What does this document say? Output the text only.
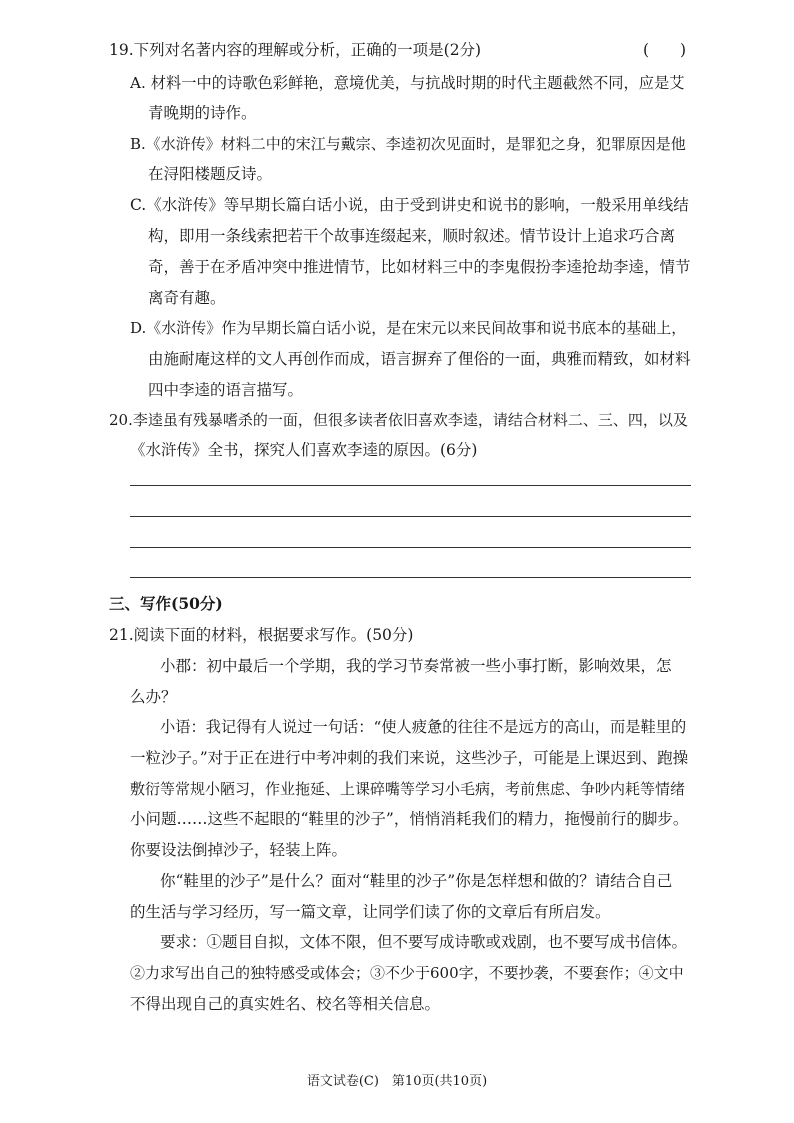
19.下列对名著内容的理解或分析，正确的一项是(2分)	(　　)
A. 材料一中的诗歌色彩鲜艳，意境优美，与抗战时期的时代主题截然不同，应是艾
青晚期的诗作。
B.《水浒传》材料二中的宋江与戴宗、李逵初次见面时，是罪犯之身，犯罪原因是他
在浔阳楼题反诗。
C.《水浒传》等早期长篇白话小说，由于受到讲史和说书的影响，一般采用单线结
构，即用一条线索把若干个故事连缀起来，顺时叙述。情节设计上追求巧合离
奇，善于在矛盾冲突中推进情节，比如材料三中的李鬼假扮李逵抢劫李逵，情节
离奇有趣。
D.《水浒传》作为早期长篇白话小说，是在宋元以来民间故事和说书底本的基础上，
由施耐庵这样的文人再创作而成，语言摒弃了俚俗的一面，典雅而精致，如材料
四中李逵的语言描写。
20.李逵虽有残暴嗜杀的一面，但很多读者依旧喜欢李逵，请结合材料二、三、四，以及
《水浒传》全书，探究人们喜欢李逵的原因。(6分)
三、写作(50分)
21.阅读下面的材料，根据要求写作。(50分)
小郡：初中最后一个学期，我的学习节奏常被一些小事打断，影响效果，怎
么办？
小语：我记得有人说过一句话：“使人疲惫的往往不是远方的高山，而是鞋里的
一粒沙子。”对于正在进行中考冲刺的我们来说，这些沙子，可能是上课迟到、跑操
敷衍等常规小陋习，作业拖延、上课碎嘴等学习小毛病，考前焦虑、争吵内耗等情绪
小问题……这些不起眼的“鞋里的沙子”，悄悄消耗我们的精力，拖慢前行的脚步。
你要设法倒掉沙子，轻装上阵。
你“鞋里的沙子”是什么？面对“鞋里的沙子”你是怎样想和做的？请结合自己
的生活与学习经历，写一篇文章，让同学们读了你的文章后有所启发。
要求：①题目自拟，文体不限，但不要写成诗歌或戏剧，也不要写成书信体。
②力求写出自己的独特感受或体会；③不少于600字，不要抄袭，不要套作；④文中
不得出现自己的真实姓名、校名等相关信息。
语文试卷(C)　第10页(共10页)
